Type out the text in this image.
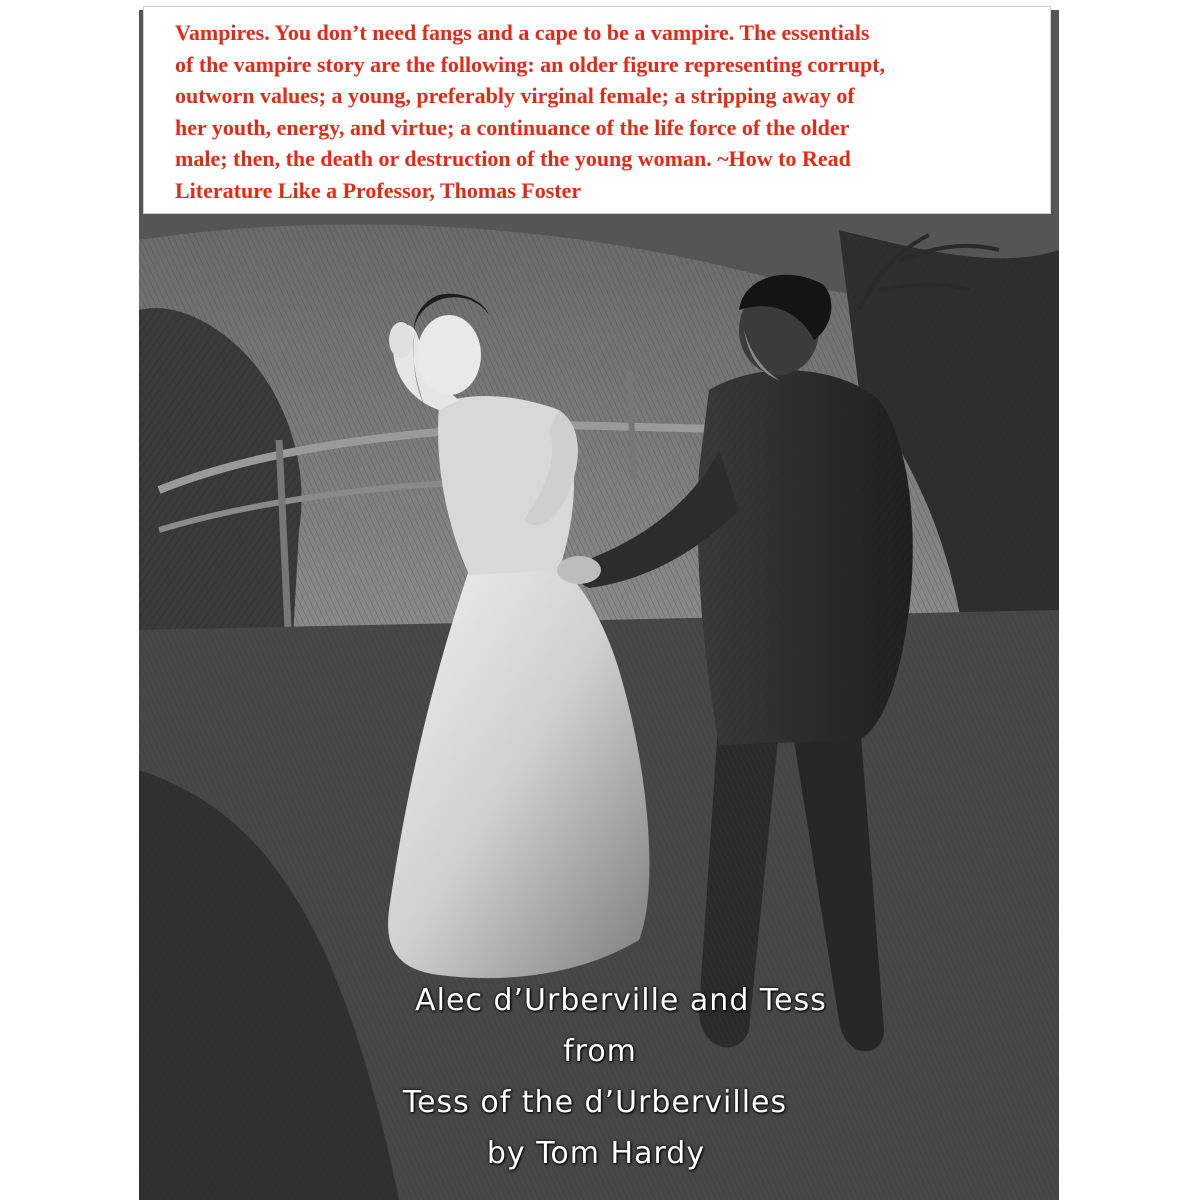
Vampires. You don’t need fangs and a cape to be a vampire. The essentials
of the vampire story are the following: an older figure representing corrupt,
outworn values; a young, preferably virginal female; a stripping away of
her youth, energy, and virtue; a continuance of the life force of the older
male; then, the death or destruction of the young woman. ~How to Read
Literature Like a Professor, Thomas Foster

Alec d’Urberville and Tess
from
Tess of the d’Urbervilles
by Tom Hardy
